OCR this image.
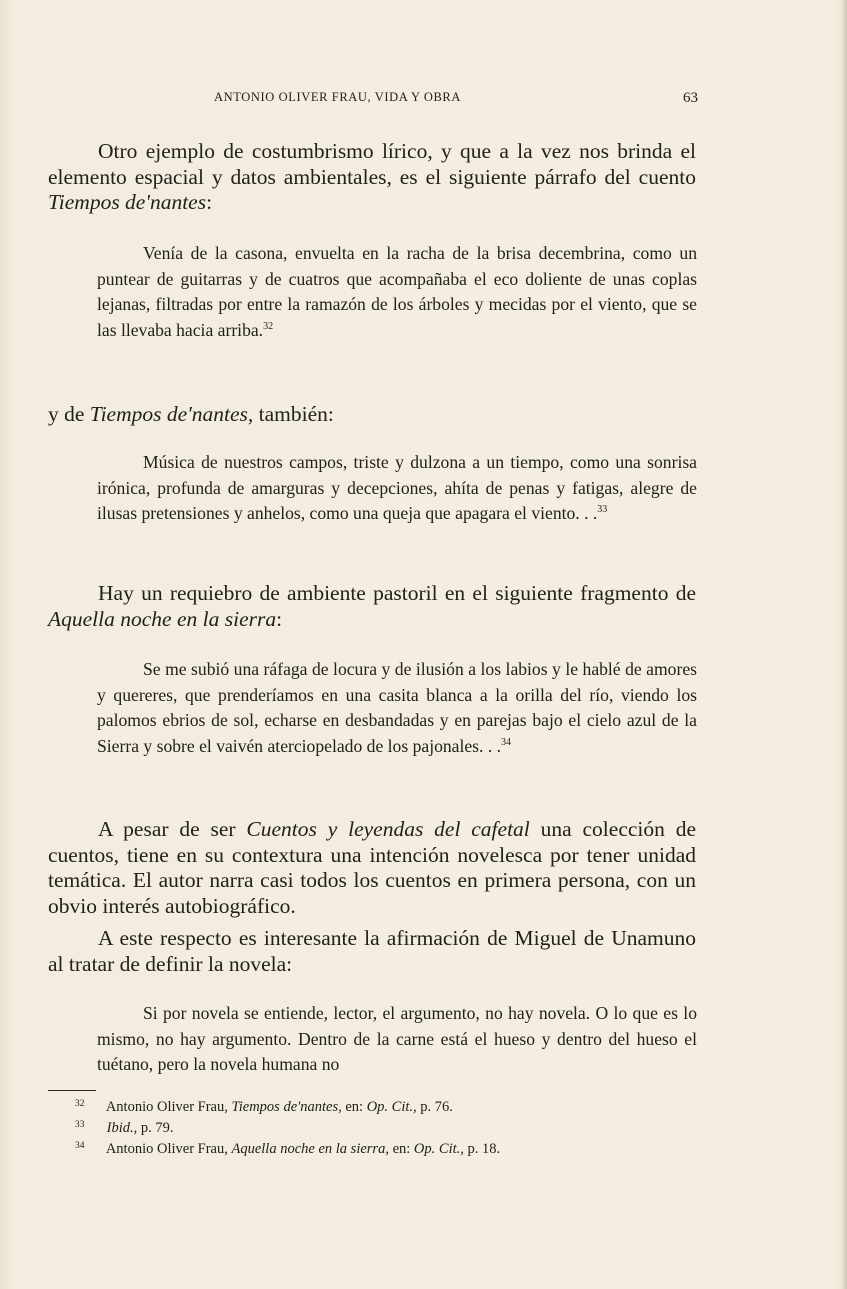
ANTONIO OLIVER FRAU, VIDA Y OBRA	63
Otro ejemplo de costumbrismo lírico, y que a la vez nos brinda el elemento espacial y datos ambientales, es el siguiente párrafo del cuento Tiempos de'nantes:
Venía de la casona, envuelta en la racha de la brisa decembrina, como un puntear de guitarras y de cuatros que acompañaba el eco doliente de unas coplas lejanas, filtradas por entre la ramazón de los árboles y mecidas por el viento, que se las llevaba hacia arriba.$^{32}$
y de Tiempos de'nantes, también:
Música de nuestros campos, triste y dulzona a un tiempo, como una sonrisa irónica, profunda de amarguras y decepciones, ahíta de penas y fatigas, alegre de ilusas pretensiones y anhelos, como una queja que apagara el viento. . .$^{33}$
Hay un requiebro de ambiente pastoril en el siguiente fragmento de Aquella noche en la sierra:
Se me subió una ráfaga de locura y de ilusión a los labios y le hablé de amores y quereres, que prenderíamos en una casita blanca a la orilla del río, viendo los palomos ebrios de sol, echarse en desbandadas y en parejas bajo el cielo azul de la Sierra y sobre el vaivén aterciopelado de los pajonales. . .$^{34}$
A pesar de ser Cuentos y leyendas del cafetal una colección de cuentos, tiene en su contextura una intención novelesca por tener unidad temática. El autor narra casi todos los cuentos en primera persona, con un obvio interés autobiográfico.
A este respecto es interesante la afirmación de Miguel de Unamuno al tratar de definir la novela:
Si por novela se entiende, lector, el argumento, no hay novela. O lo que es lo mismo, no hay argumento. Dentro de la carne está el hueso y dentro del hueso el tuétano, pero la novela humana no
32 Antonio Oliver Frau, Tiempos de'nantes, en: Op. Cit., p. 76.
33 Ibid., p. 79.
34 Antonio Oliver Frau, Aquella noche en la sierra, en: Op. Cit., p. 18.
